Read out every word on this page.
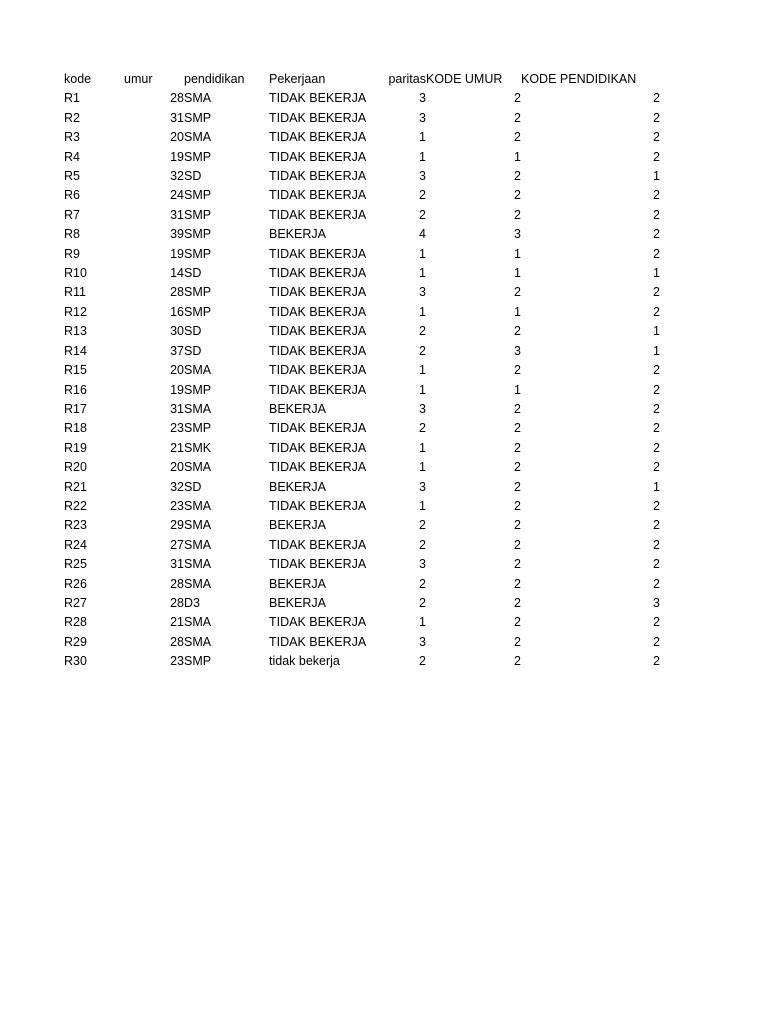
kode	umur	pendidikan	Pekerjaan	paritas	KODE UMUR	KODE PENDIDIKAN
R1	28	SMA	TIDAK BEKERJA	3	2	2
R2	31	SMP	TIDAK BEKERJA	3	2	2
R3	20	SMA	TIDAK BEKERJA	1	2	2
R4	19	SMP	TIDAK BEKERJA	1	1	2
R5	32	SD	TIDAK BEKERJA	3	2	1
R6	24	SMP	TIDAK BEKERJA	2	2	2
R7	31	SMP	TIDAK BEKERJA	2	2	2
R8	39	SMP	BEKERJA	4	3	2
R9	19	SMP	TIDAK BEKERJA	1	1	2
R10	14	SD	TIDAK BEKERJA	1	1	1
R11	28	SMP	TIDAK BEKERJA	3	2	2
R12	16	SMP	TIDAK BEKERJA	1	1	2
R13	30	SD	TIDAK BEKERJA	2	2	1
R14	37	SD	TIDAK BEKERJA	2	3	1
R15	20	SMA	TIDAK BEKERJA	1	2	2
R16	19	SMP	TIDAK BEKERJA	1	1	2
R17	31	SMA	BEKERJA	3	2	2
R18	23	SMP	TIDAK BEKERJA	2	2	2
R19	21	SMK	TIDAK BEKERJA	1	2	2
R20	20	SMA	TIDAK BEKERJA	1	2	2
R21	32	SD	BEKERJA	3	2	1
R22	23	SMA	TIDAK BEKERJA	1	2	2
R23	29	SMA	BEKERJA	2	2	2
R24	27	SMA	TIDAK BEKERJA	2	2	2
R25	31	SMA	TIDAK BEKERJA	3	2	2
R26	28	SMA	BEKERJA	2	2	2
R27	28	D3	BEKERJA	2	2	3
R28	21	SMA	TIDAK BEKERJA	1	2	2
R29	28	SMA	TIDAK BEKERJA	3	2	2
R30	23	SMP	tidak bekerja	2	2	2
